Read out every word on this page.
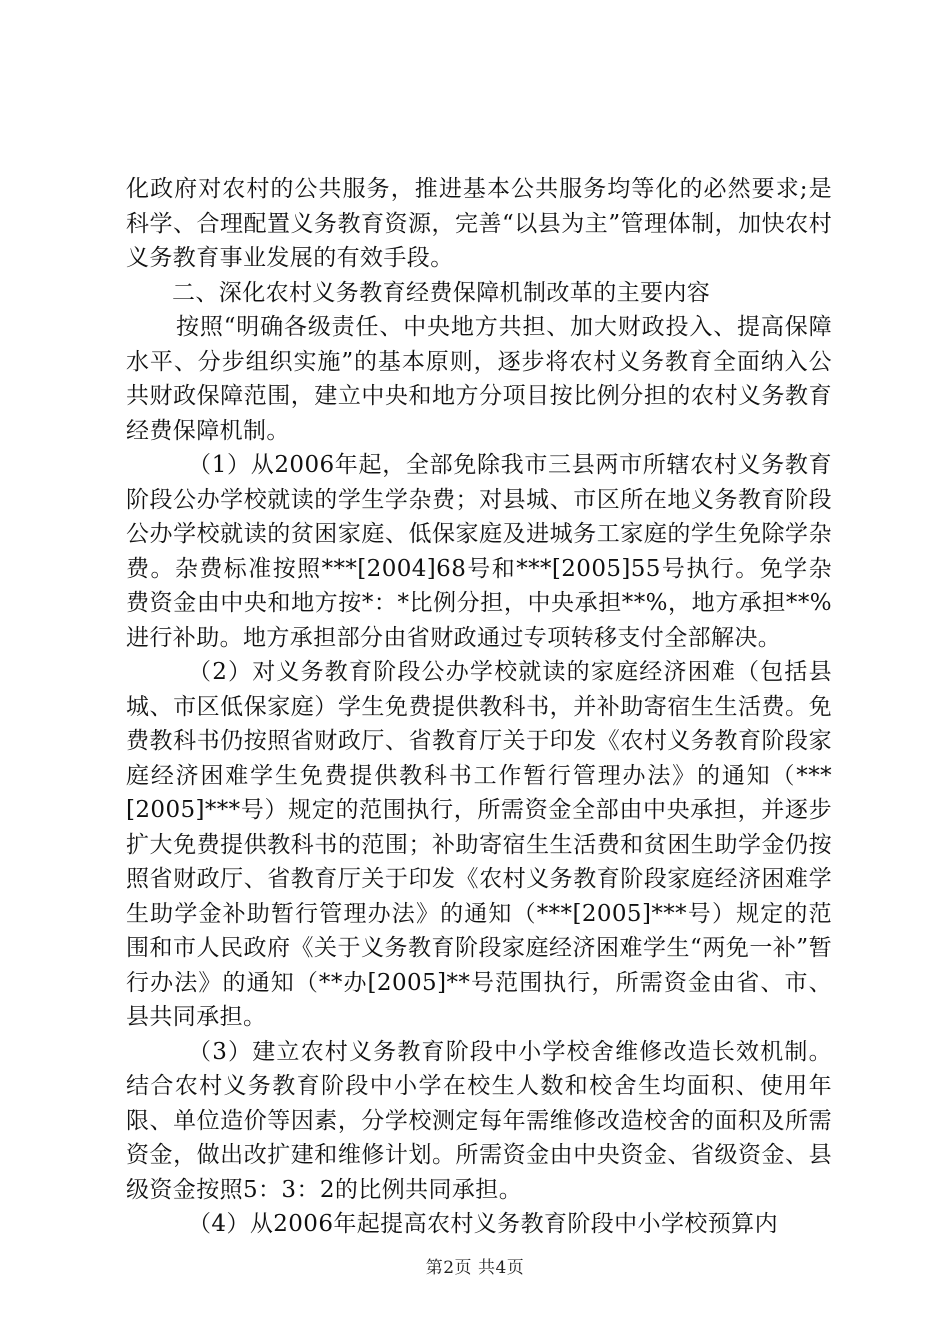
化政府对农村的公共服务，推进基本公共服务均等化的必然要求;是科学、合理配置义务教育资源，完善“以县为主”管理体制，加快农村义务教育事业发展的有效手段。

二、深化农村义务教育经费保障机制改革的主要内容

按照“明确各级责任、中央地方共担、加大财政投入、提高保障水平、分步组织实施”的基本原则，逐步将农村义务教育全面纳入公共财政保障范围，建立中央和地方分项目按比例分担的农村义务教育经费保障机制。

（1）从2006年起，全部免除我市三县两市所辖农村义务教育阶段公办学校就读的学生学杂费；对县城、市区所在地义务教育阶段公办学校就读的贫困家庭、低保家庭及进城务工家庭的学生免除学杂费。杂费标准按照***[2004]68号和***[2005]55号执行。免学杂费资金由中央和地方按*：*比例分担，中央承担**%，地方承担**%进行补助。地方承担部分由省财政通过专项转移支付全部解决。

（2）对义务教育阶段公办学校就读的家庭经济困难（包括县城、市区低保家庭）学生免费提供教科书，并补助寄宿生生活费。免费教科书仍按照省财政厅、省教育厅关于印发《农村义务教育阶段家庭经济困难学生免费提供教科书工作暂行管理办法》的通知（***[2005]***号）规定的范围执行，所需资金全部由中央承担，并逐步扩大免费提供教科书的范围；补助寄宿生生活费和贫困生助学金仍按照省财政厅、省教育厅关于印发《农村义务教育阶段家庭经济困难学生助学金补助暂行管理办法》的通知（***[2005]***号）规定的范围和市人民政府《关于义务教育阶段家庭经济困难学生“两免一补”暂行办法》的通知（**办[2005]**号范围执行，所需资金由省、市、县共同承担。

（3）建立农村义务教育阶段中小学校舍维修改造长效机制。结合农村义务教育阶段中小学在校生人数和校舍生均面积、使用年限、单位造价等因素，分学校测定每年需维修改造校舍的面积及所需资金，做出改扩建和维修计划。所需资金由中央资金、省级资金、县级资金按照5：3：2的比例共同承担。

（4）从2006年起提高农村义务教育阶段中小学校预算内

第2页 共4页
